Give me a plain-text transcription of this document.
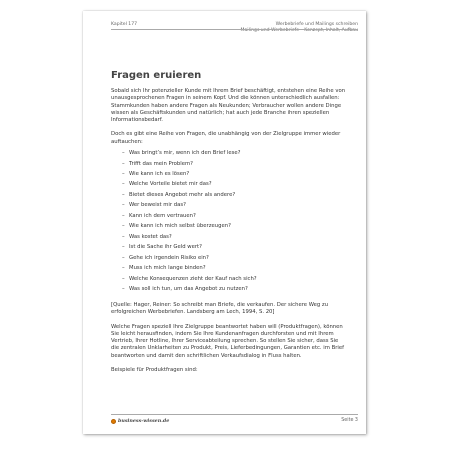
Kapitel 177	Werbebriefe und Mailings schreiben
Mailings und Werbebriefe – Konzept, Inhalt, Aufbau
Fragen eruieren

Sobald sich Ihr potenzieller Kunde mit Ihrem Brief beschäftigt, entstehen eine Reihe von unausgesprochenen Fragen in seinem Kopf. Und die können unterschiedlich ausfallen: Stammkunden haben andere Fragen als Neukunden; Verbraucher wollen andere Dinge wissen als Geschäftskunden und natürlich; hat auch jede Branche ihren speziellen Informationsbedarf.

Doch es gibt eine Reihe von Fragen, die unabhängig von der Zielgruppe immer wieder auftauchen:

– Was bringt’s mir, wenn ich den Brief lese?
– Trifft das mein Problem?
– Wie kann ich es lösen?
– Welche Vorteile bietet mir das?
– Bietet dieses Angebot mehr als andere?
– Wer beweist mir das?
– Kann ich dem vertrauen?
– Wie kann ich mich selbst überzeugen?
– Was kostet das?
– Ist die Sache ihr Geld wert?
– Gehe ich irgendein Risiko ein?
– Muss ich mich lange binden?
– Welche Konsequenzen zieht der Kauf nach sich?
– Was soll ich tun, um das Angebot zu nutzen?

[Quelle: Hager, Reiner: So schreibt man Briefe, die verkaufen. Der sichere Weg zu erfolgreichen Werbebriefen. Landsberg am Lech, 1994, S. 20]

Welche Fragen speziell Ihre Zielgruppe beantwortet haben will (Produktfragen), können Sie leicht herausfinden, indem Sie Ihre Kundenanfragen durchforsten und mit Ihrem Vertrieb, Ihrer Hotline, Ihrer Serviceabteilung sprechen. So stellen Sie sicher, dass Sie die zentralen Unklarheiten zu Produkt, Preis, Lieferbedingungen, Garantien etc. im Brief beantworten und damit den schriftlichen Verkaufsdialog in Fluss halten.

Beispiele für Produktfragen sind:

business-wissen.de	Seite 3
